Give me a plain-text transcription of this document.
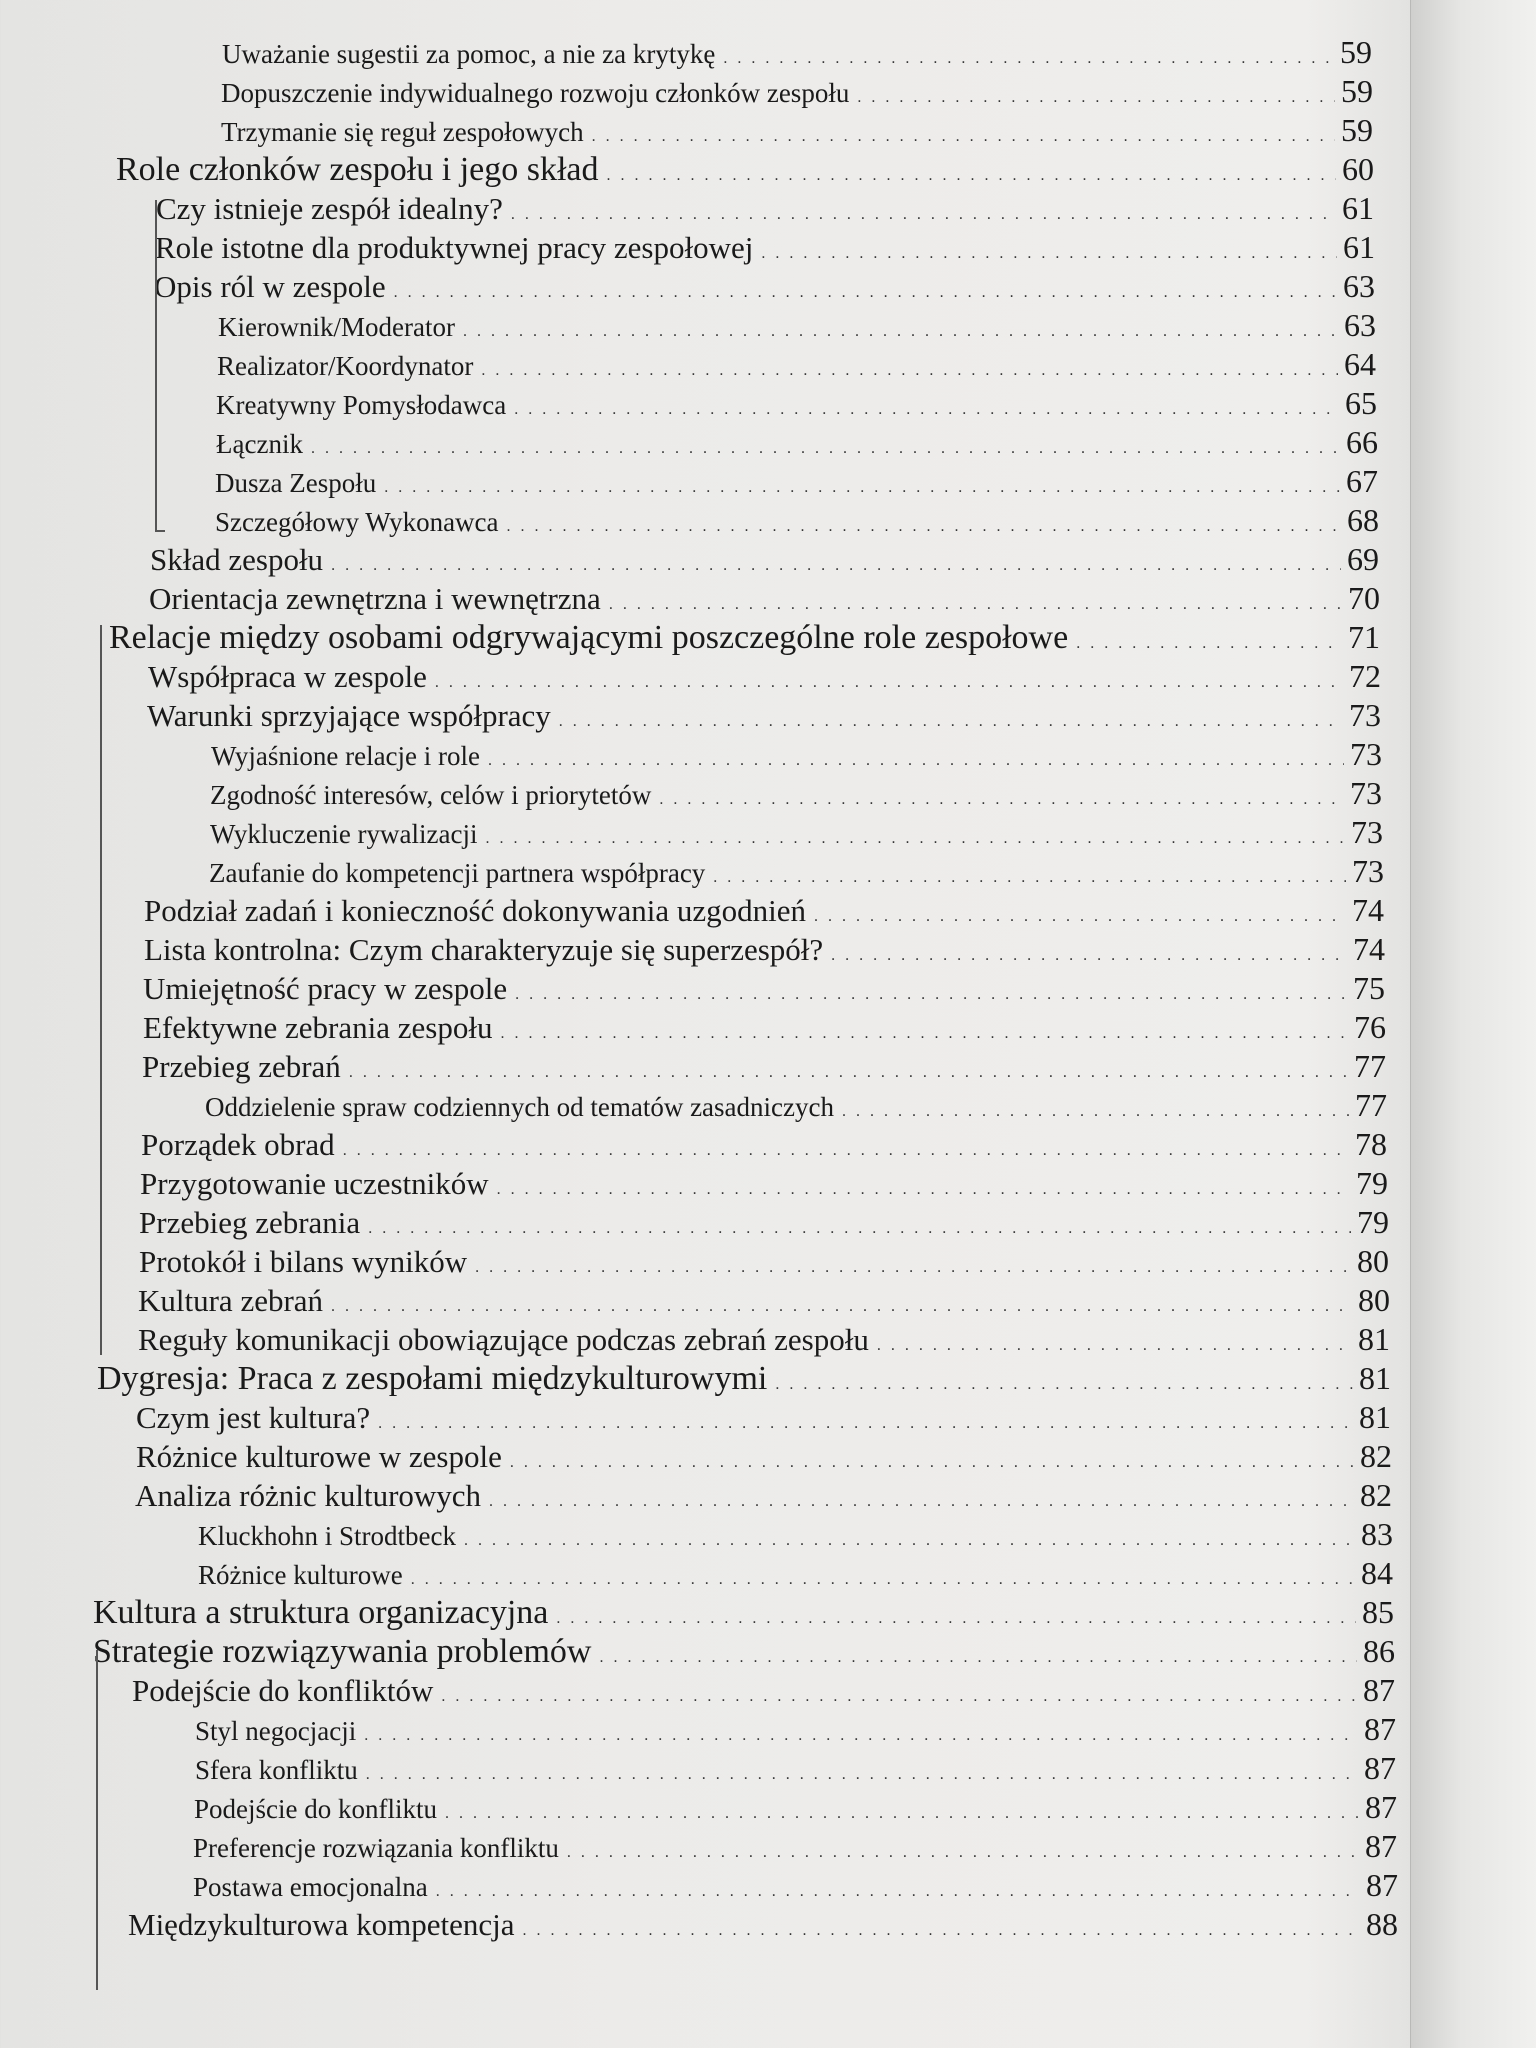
Uważanie sugestii za pomoc, a nie za krytykę . . .	59
Dopuszczenie indywidualnego rozwoju członków zespołu . . .	59
Trzymanie się reguł zespołowych . . .	59
Role członków zespołu i jego skład . . .	60
Czy istnieje zespół idealny? . . .	61
Role istotne dla produktywnej pracy zespołowej . . .	61
Opis ról w zespole . . .	63
Kierownik/Moderator . . .	63
Realizator/Koordynator . . .	64
Kreatywny Pomysłodawca . . .	65
Łącznik . . .	66
Dusza Zespołu . . .	67
Szczegółowy Wykonawca . . .	68
Skład zespołu . . .	69
Orientacja zewnętrzna i wewnętrzna . . .	70
Relacje między osobami odgrywającymi poszczególne role zespołowe . . .	71
Współpraca w zespole . . .	72
Warunki sprzyjające współpracy . . .	73
Wyjaśnione relacje i role . . .	73
Zgodność interesów, celów i priorytetów . . .	73
Wykluczenie rywalizacji . . .	73
Zaufanie do kompetencji partnera współpracy . . .	73
Podział zadań i konieczność dokonywania uzgodnień . . .	74
Lista kontrolna: Czym charakteryzuje się superzespół? . . .	74
Umiejętność pracy w zespole . . .	75
Efektywne zebrania zespołu . . .	76
Przebieg zebrań . . .	77
Oddzielenie spraw codziennych od tematów zasadniczych . . .	77
Porządek obrad . . .	78
Przygotowanie uczestników . . .	79
Przebieg zebrania . . .	79
Protokół i bilans wyników . . .	80
Kultura zebrań . . .	80
Reguły komunikacji obowiązujące podczas zebrań zespołu . . .	81
Dygresja: Praca z zespołami międzykulturowymi . . .	81
Czym jest kultura? . . .	81
Różnice kulturowe w zespole . . .	82
Analiza różnic kulturowych . . .	82
Kluckhohn i Strodtbeck . . .	83
Różnice kulturowe . . .	84
Kultura a struktura organizacyjna . . .	85
Strategie rozwiązywania problemów . . .	86
Podejście do konfliktów . . .	87
Styl negocjacji . . .	87
Sfera konfliktu . . .	87
Podejście do konfliktu . . .	87
Preferencje rozwiązania konfliktu . . .	87
Postawa emocjonalna . . .	87
Międzykulturowa kompetencja . . .	88
